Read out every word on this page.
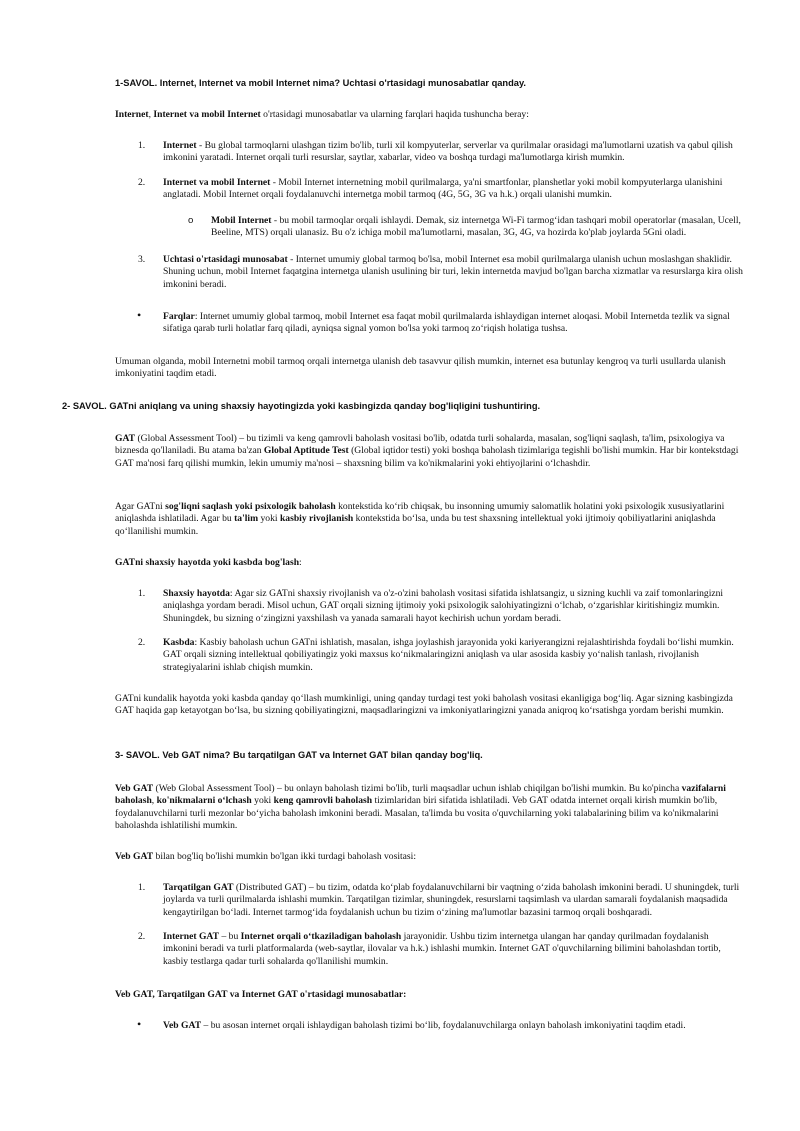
1-SAVOL. Internet, Internet va mobil Internet nima? Uchtasi o'rtasidagi munosabatlar qanday.
Internet, Internet va mobil Internet o'rtasidagi munosabatlar va ularning farqlari haqida tushuncha beray:
1. Internet - Bu global tarmoqlarni ulashgan tizim bo'lib, turli xil kompyuterlar, serverlar va qurilmalar orasidagi ma'lumotlarni uzatish va qabul qilish imkonini yaratadi. Internet orqali turli resurslar, saytlar, xabarlar, video va boshqa turdagi ma'lumotlarga kirish mumkin.
2. Internet va mobil Internet - Mobil Internet internetning mobil qurilmalarga, ya'ni smartfonlar, planshetlar yoki mobil kompyuterlarga ulanishini anglatadi. Mobil Internet orqali foydalanuvchi internetga mobil tarmoq (4G, 5G, 3G va h.k.) orqali ulanishi mumkin.
o Mobil Internet - bu mobil tarmoqlar orqali ishlaydi. Demak, siz internetga Wi-Fi tarmog‘idan tashqari mobil operatorlar (masalan, Ucell, Beeline, MTS) orqali ulanasiz. Bu o'z ichiga mobil ma'lumotlarni, masalan, 3G, 4G, va hozirda ko'plab joylarda 5Gni oladi.
3. Uchtasi o'rtasidagi munosabat - Internet umumiy global tarmoq bo'lsa, mobil Internet esa mobil qurilmalarga ulanish uchun moslashgan shaklidir. Shuning uchun, mobil Internet faqatgina internetga ulanish usulining bir turi, lekin internetda mavjud bo'lgan barcha xizmatlar va resurslarga kira olish imkonini beradi.
• Farqlar: Internet umumiy global tarmoq, mobil Internet esa faqat mobil qurilmalarda ishlaydigan internet aloqasi. Mobil Internetda tezlik va signal sifatiga qarab turli holatlar farq qiladi, ayniqsa signal yomon bo'lsa yoki tarmoq zo‘riqish holatiga tushsa.
Umuman olganda, mobil Internetni mobil tarmoq orqali internetga ulanish deb tasavvur qilish mumkin, internet esa butunlay kengroq va turli usullarda ulanish imkoniyatini taqdim etadi.
2- SAVOL. GATni aniqlang va uning shaxsiy hayotingizda yoki kasbingizda qanday bog'liqligini tushuntiring.
GAT (Global Assessment Tool) – bu tizimli va keng qamrovli baholash vositasi bo'lib, odatda turli sohalarda, masalan, sog'liqni saqlash, ta'lim, psixologiya va biznesda qo'llaniladi. Bu atama ba'zan Global Aptitude Test (Global iqtidor testi) yoki boshqa baholash tizimlariga tegishli bo'lishi mumkin. Har bir kontekstdagi GAT ma'nosi farq qilishi mumkin, lekin umumiy ma'nosi – shaxsning bilim va ko'nikmalarini yoki ehtiyojlarini o‘lchashdir.
Agar GATni sog'liqni saqlash yoki psixologik baholash kontekstida ko‘rib chiqsak, bu insonning umumiy salomatlik holatini yoki psixologik xususiyatlarini aniqlashda ishlatiladi. Agar bu ta'lim yoki kasbiy rivojlanish kontekstida bo‘lsa, unda bu test shaxsning intellektual yoki ijtimoiy qobiliyatlarini aniqlashda qo‘llanilishi mumkin.
GATni shaxsiy hayotda yoki kasbda bog'lash:
1. Shaxsiy hayotda: Agar siz GATni shaxsiy rivojlanish va o'z-o'zini baholash vositasi sifatida ishlatsangiz, u sizning kuchli va zaif tomonlaringizni aniqlashga yordam beradi. Misol uchun, GAT orqali sizning ijtimoiy yoki psixologik salohiyatingizni o‘lchab, o‘zgarishlar kiritishingiz mumkin. Shuningdek, bu sizning o‘zingizni yaxshilash va yanada samarali hayot kechirish uchun yordam beradi.
2. Kasbda: Kasbiy baholash uchun GATni ishlatish, masalan, ishga joylashish jarayonida yoki kariyerangizni rejalashtirishda foydali bo‘lishi mumkin. GAT orqali sizning intellektual qobiliyatingiz yoki maxsus ko‘nikmalaringizni aniqlash va ular asosida kasbiy yo‘nalish tanlash, rivojlanish strategiyalarini ishlab chiqish mumkin.
GATni kundalik hayotda yoki kasbda qanday qo‘llash mumkinligi, uning qanday turdagi test yoki baholash vositasi ekanligiga bog‘liq. Agar sizning kasbingizda GAT haqida gap ketayotgan bo‘lsa, bu sizning qobiliyatingizni, maqsadlaringizni va imkoniyatlaringizni yanada aniqroq ko‘rsatishga yordam berishi mumkin.
3- SAVOL. Veb GAT nima? Bu tarqatilgan GAT va Internet GAT bilan qanday bog'liq.
Veb GAT (Web Global Assessment Tool) – bu onlayn baholash tizimi bo'lib, turli maqsadlar uchun ishlab chiqilgan bo'lishi mumkin. Bu ko'pincha vazifalarni baholash, ko'nikmalarni o‘lchash yoki keng qamrovli baholash tizimlaridan biri sifatida ishlatiladi. Veb GAT odatda internet orqali kirish mumkin bo'lib, foydalanuvchilarni turli mezonlar bo‘yicha baholash imkonini beradi. Masalan, ta'limda bu vosita o'quvchilarning yoki talabalarining bilim va ko'nikmalarini baholashda ishlatilishi mumkin.
Veb GAT bilan bog'liq bo'lishi mumkin bo'lgan ikki turdagi baholash vositasi:
1. Tarqatilgan GAT (Distributed GAT) – bu tizim, odatda ko‘plab foydalanuvchilarni bir vaqtning o‘zida baholash imkonini beradi. U shuningdek, turli joylarda va turli qurilmalarda ishlashi mumkin. Tarqatilgan tizimlar, shuningdek, resurslarni taqsimlash va ulardan samarali foydalanish maqsadida kengaytirilgan bo‘ladi. Internet tarmog‘ida foydalanish uchun bu tizim o‘zining ma'lumotlar bazasini tarmoq orqali boshqaradi.
2. Internet GAT – bu Internet orqali o‘tkaziladigan baholash jarayonidir. Ushbu tizim internetga ulangan har qanday qurilmadan foydalanish imkonini beradi va turli platformalarda (web-saytlar, ilovalar va h.k.) ishlashi mumkin. Internet GAT o'quvchilarning bilimini baholashdan tortib, kasbiy testlarga qadar turli sohalarda qo'llanilishi mumkin.
Veb GAT, Tarqatilgan GAT va Internet GAT o'rtasidagi munosabatlar:
• Veb GAT – bu asosan internet orqali ishlaydigan baholash tizimi bo‘lib, foydalanuvchilarga onlayn baholash imkoniyatini taqdim etadi.
